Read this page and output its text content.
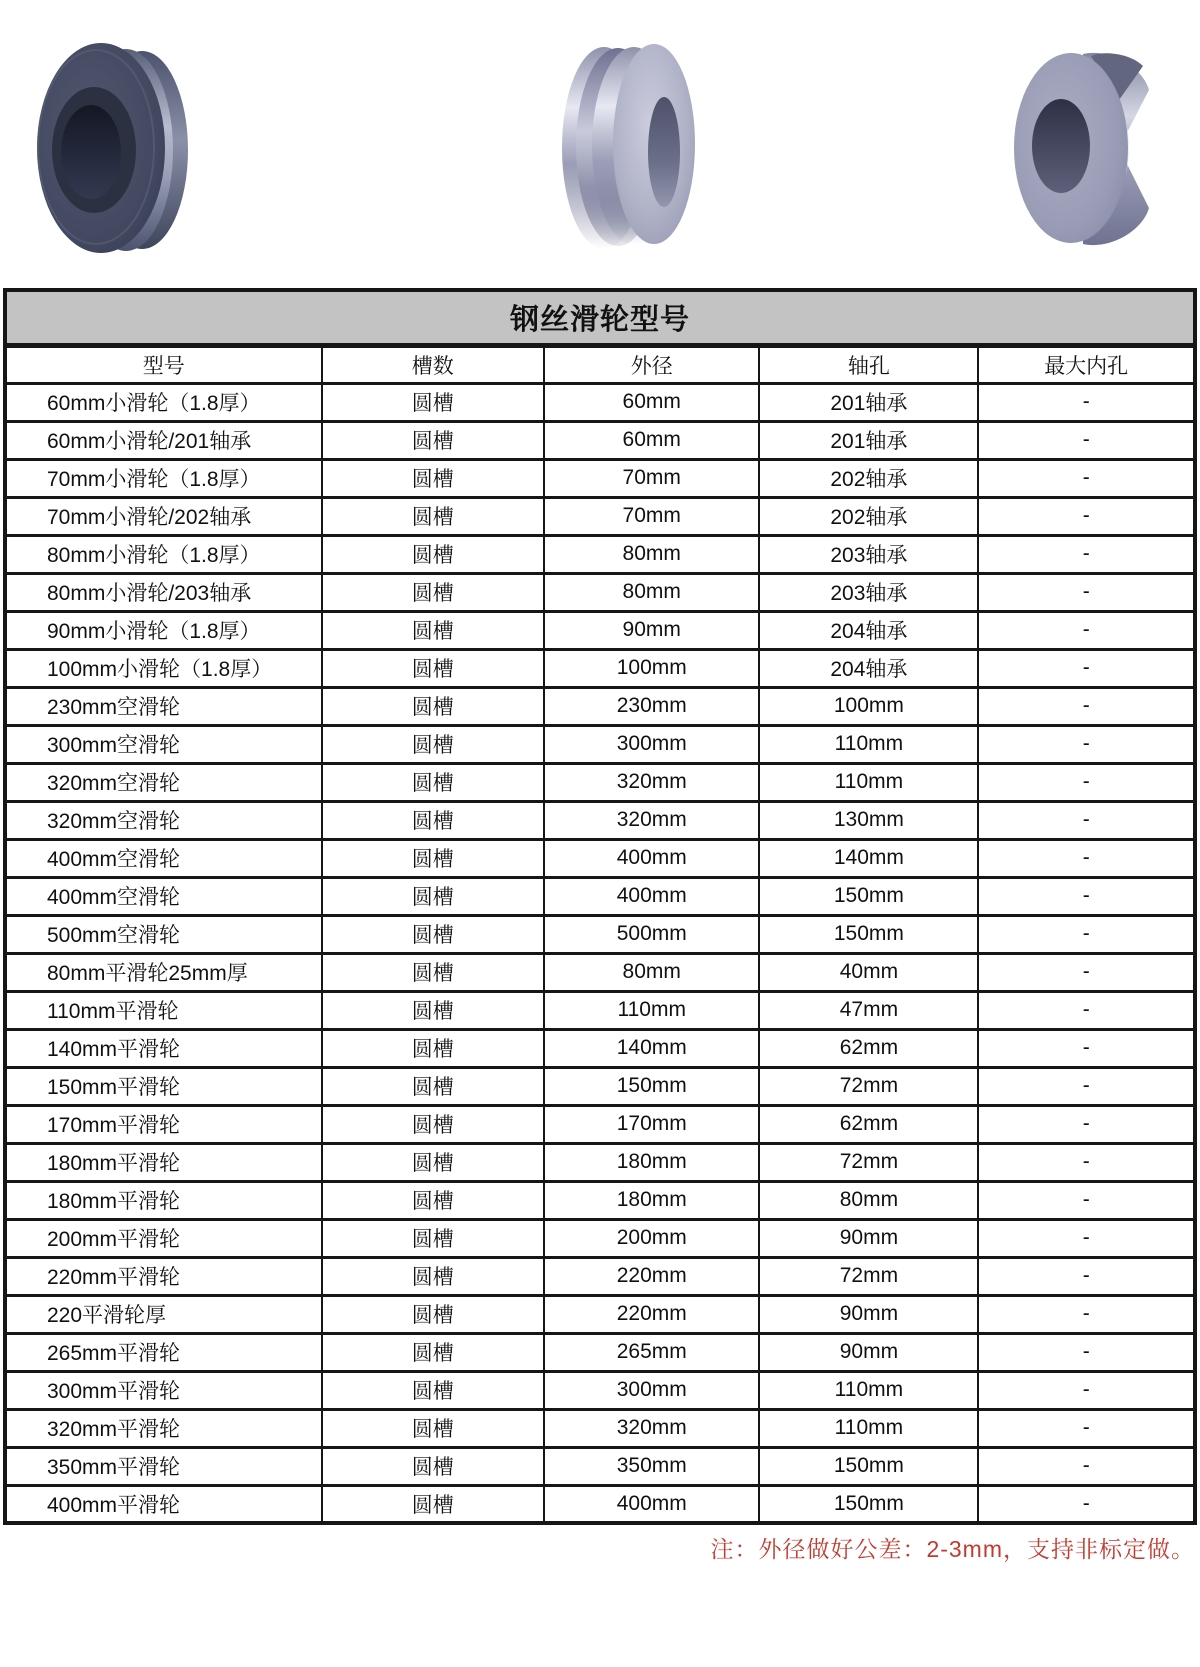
钢丝滑轮型号				
型号	槽数	外径	轴孔	最大内孔
60mm小滑轮（1.8厚）	圆槽	60mm	201轴承	-
60mm小滑轮/201轴承	圆槽	60mm	201轴承	-
70mm小滑轮（1.8厚）	圆槽	70mm	202轴承	-
70mm小滑轮/202轴承	圆槽	70mm	202轴承	-
80mm小滑轮（1.8厚）	圆槽	80mm	203轴承	-
80mm小滑轮/203轴承	圆槽	80mm	203轴承	-
90mm小滑轮（1.8厚）	圆槽	90mm	204轴承	-
100mm小滑轮（1.8厚）	圆槽	100mm	204轴承	-
230mm空滑轮	圆槽	230mm	100mm	-
300mm空滑轮	圆槽	300mm	110mm	-
320mm空滑轮	圆槽	320mm	110mm	-
320mm空滑轮	圆槽	320mm	130mm	-
400mm空滑轮	圆槽	400mm	140mm	-
400mm空滑轮	圆槽	400mm	150mm	-
500mm空滑轮	圆槽	500mm	150mm	-
80mm平滑轮25mm厚	圆槽	80mm	40mm	-
110mm平滑轮	圆槽	110mm	47mm	-
140mm平滑轮	圆槽	140mm	62mm	-
150mm平滑轮	圆槽	150mm	72mm	-
170mm平滑轮	圆槽	170mm	62mm	-
180mm平滑轮	圆槽	180mm	72mm	-
180mm平滑轮	圆槽	180mm	80mm	-
200mm平滑轮	圆槽	200mm	90mm	-
220mm平滑轮	圆槽	220mm	72mm	-
220平滑轮厚	圆槽	220mm	90mm	-
265mm平滑轮	圆槽	265mm	90mm	-
300mm平滑轮	圆槽	300mm	110mm	-
320mm平滑轮	圆槽	320mm	110mm	-
350mm平滑轮	圆槽	350mm	150mm	-
400mm平滑轮	圆槽	400mm	150mm	-
注：外径做好公差：2-3mm，支持非标定做。
